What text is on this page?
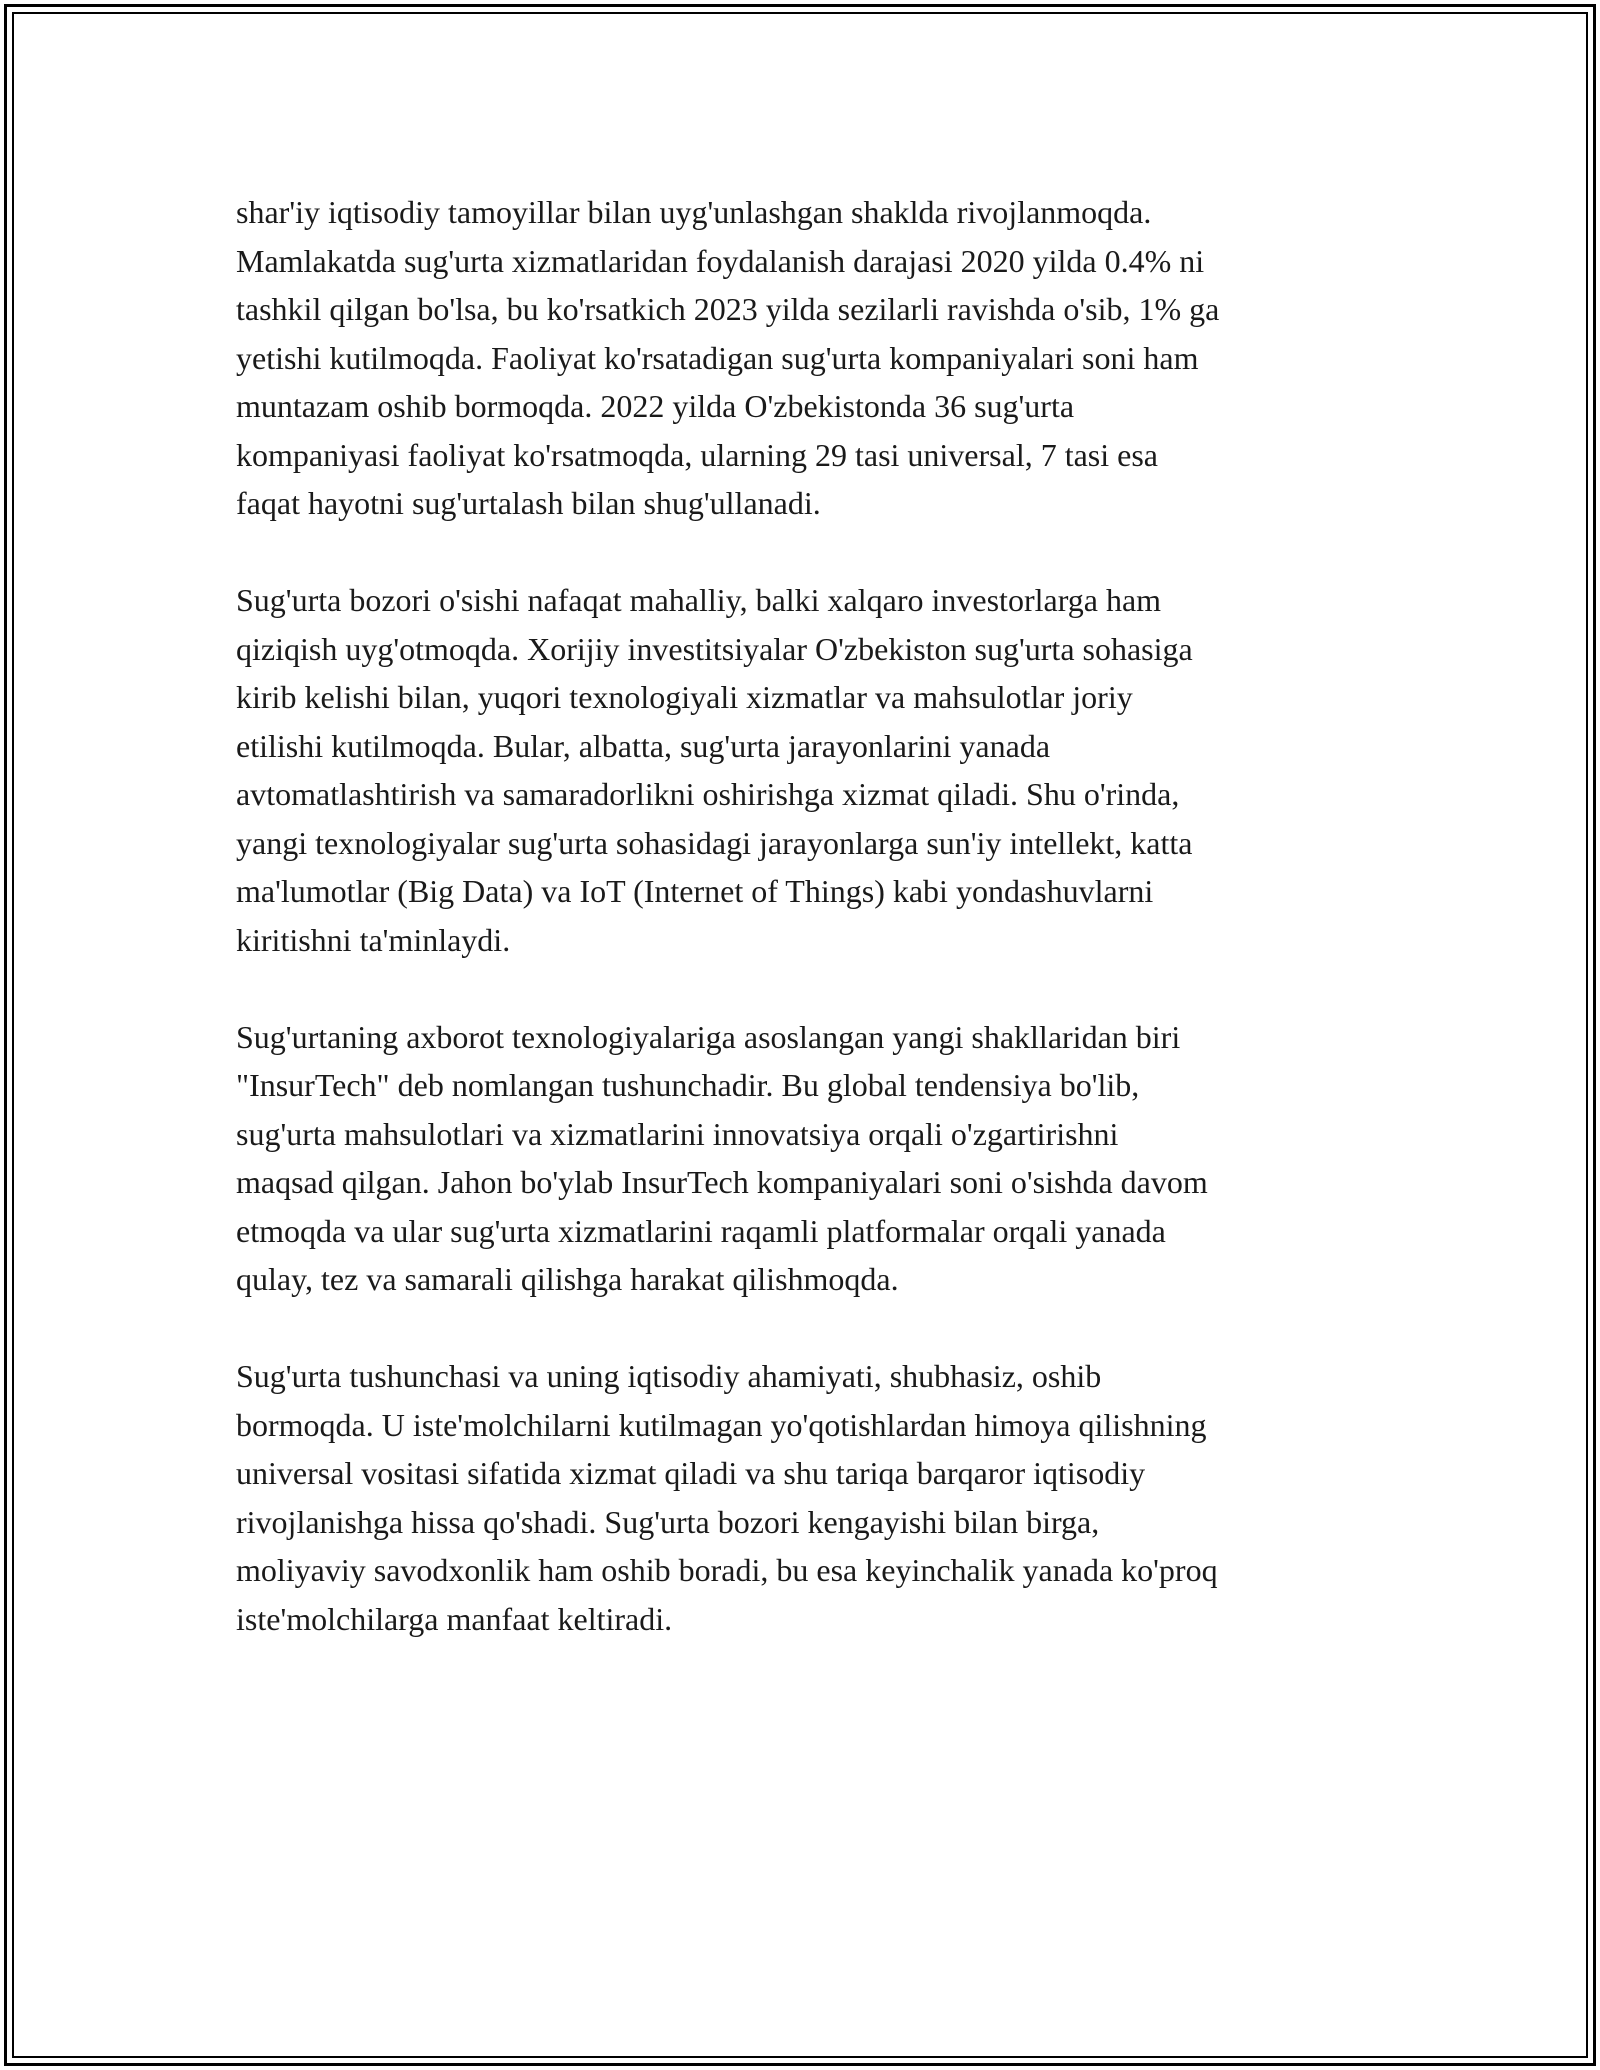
shar'iy iqtisodiy tamoyillar bilan uyg'unlashgan shaklda rivojlanmoqda.
Mamlakatda sug'urta xizmatlaridan foydalanish darajasi 2020 yilda 0.4% ni
tashkil qilgan bo'lsa, bu ko'rsatkich 2023 yilda sezilarli ravishda o'sib, 1% ga
yetishi kutilmoqda. Faoliyat ko'rsatadigan sug'urta kompaniyalari soni ham
muntazam oshib bormoqda. 2022 yilda O'zbekistonda 36 sug'urta
kompaniyasi faoliyat ko'rsatmoqda, ularning 29 tasi universal, 7 tasi esa
faqat hayotni sug'urtalash bilan shug'ullanadi.

Sug'urta bozori o'sishi nafaqat mahalliy, balki xalqaro investorlarga ham
qiziqish uyg'otmoqda. Xorijiy investitsiyalar O'zbekiston sug'urta sohasiga
kirib kelishi bilan, yuqori texnologiyali xizmatlar va mahsulotlar joriy
etilishi kutilmoqda. Bular, albatta, sug'urta jarayonlarini yanada
avtomatlashtirish va samaradorlikni oshirishga xizmat qiladi. Shu o'rinda,
yangi texnologiyalar sug'urta sohasidagi jarayonlarga sun'iy intellekt, katta
ma'lumotlar (Big Data) va IoT (Internet of Things) kabi yondashuvlarni
kiritishni ta'minlaydi.

Sug'urtaning axborot texnologiyalariga asoslangan yangi shakllaridan biri
"InsurTech" deb nomlangan tushunchadir. Bu global tendensiya bo'lib,
sug'urta mahsulotlari va xizmatlarini innovatsiya orqali o'zgartirishni
maqsad qilgan. Jahon bo'ylab InsurTech kompaniyalari soni o'sishda davom
etmoqda va ular sug'urta xizmatlarini raqamli platformalar orqali yanada
qulay, tez va samarali qilishga harakat qilishmoqda.

Sug'urta tushunchasi va uning iqtisodiy ahamiyati, shubhasiz, oshib
bormoqda. U iste'molchilarni kutilmagan yo'qotishlardan himoya qilishning
universal vositasi sifatida xizmat qiladi va shu tariqa barqaror iqtisodiy
rivojlanishga hissa qo'shadi. Sug'urta bozori kengayishi bilan birga,
moliyaviy savodxonlik ham oshib boradi, bu esa keyinchalik yanada ko'proq
iste'molchilarga manfaat keltiradi.
